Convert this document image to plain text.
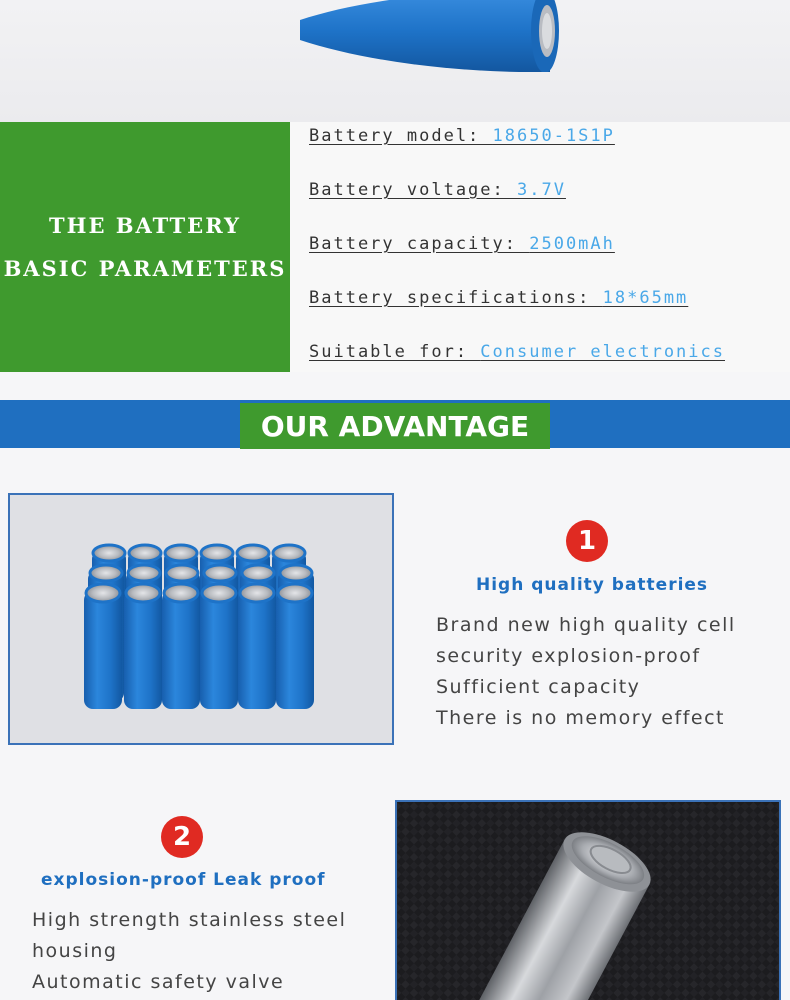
THE BATTERY
BASIC PARAMETERS
Battery model: 18650-1S1P
Battery voltage: 3.7V
Battery capacity: 2500mAh
Battery specifications: 18*65mm
Suitable for: Consumer electronics
OUR ADVANTAGE
1
High quality batteries
Brand new high quality cell
security explosion-proof
Sufficient capacity
There is no memory effect
2
explosion-proof Leak proof
High strength stainless steel
housing
Automatic safety valve
